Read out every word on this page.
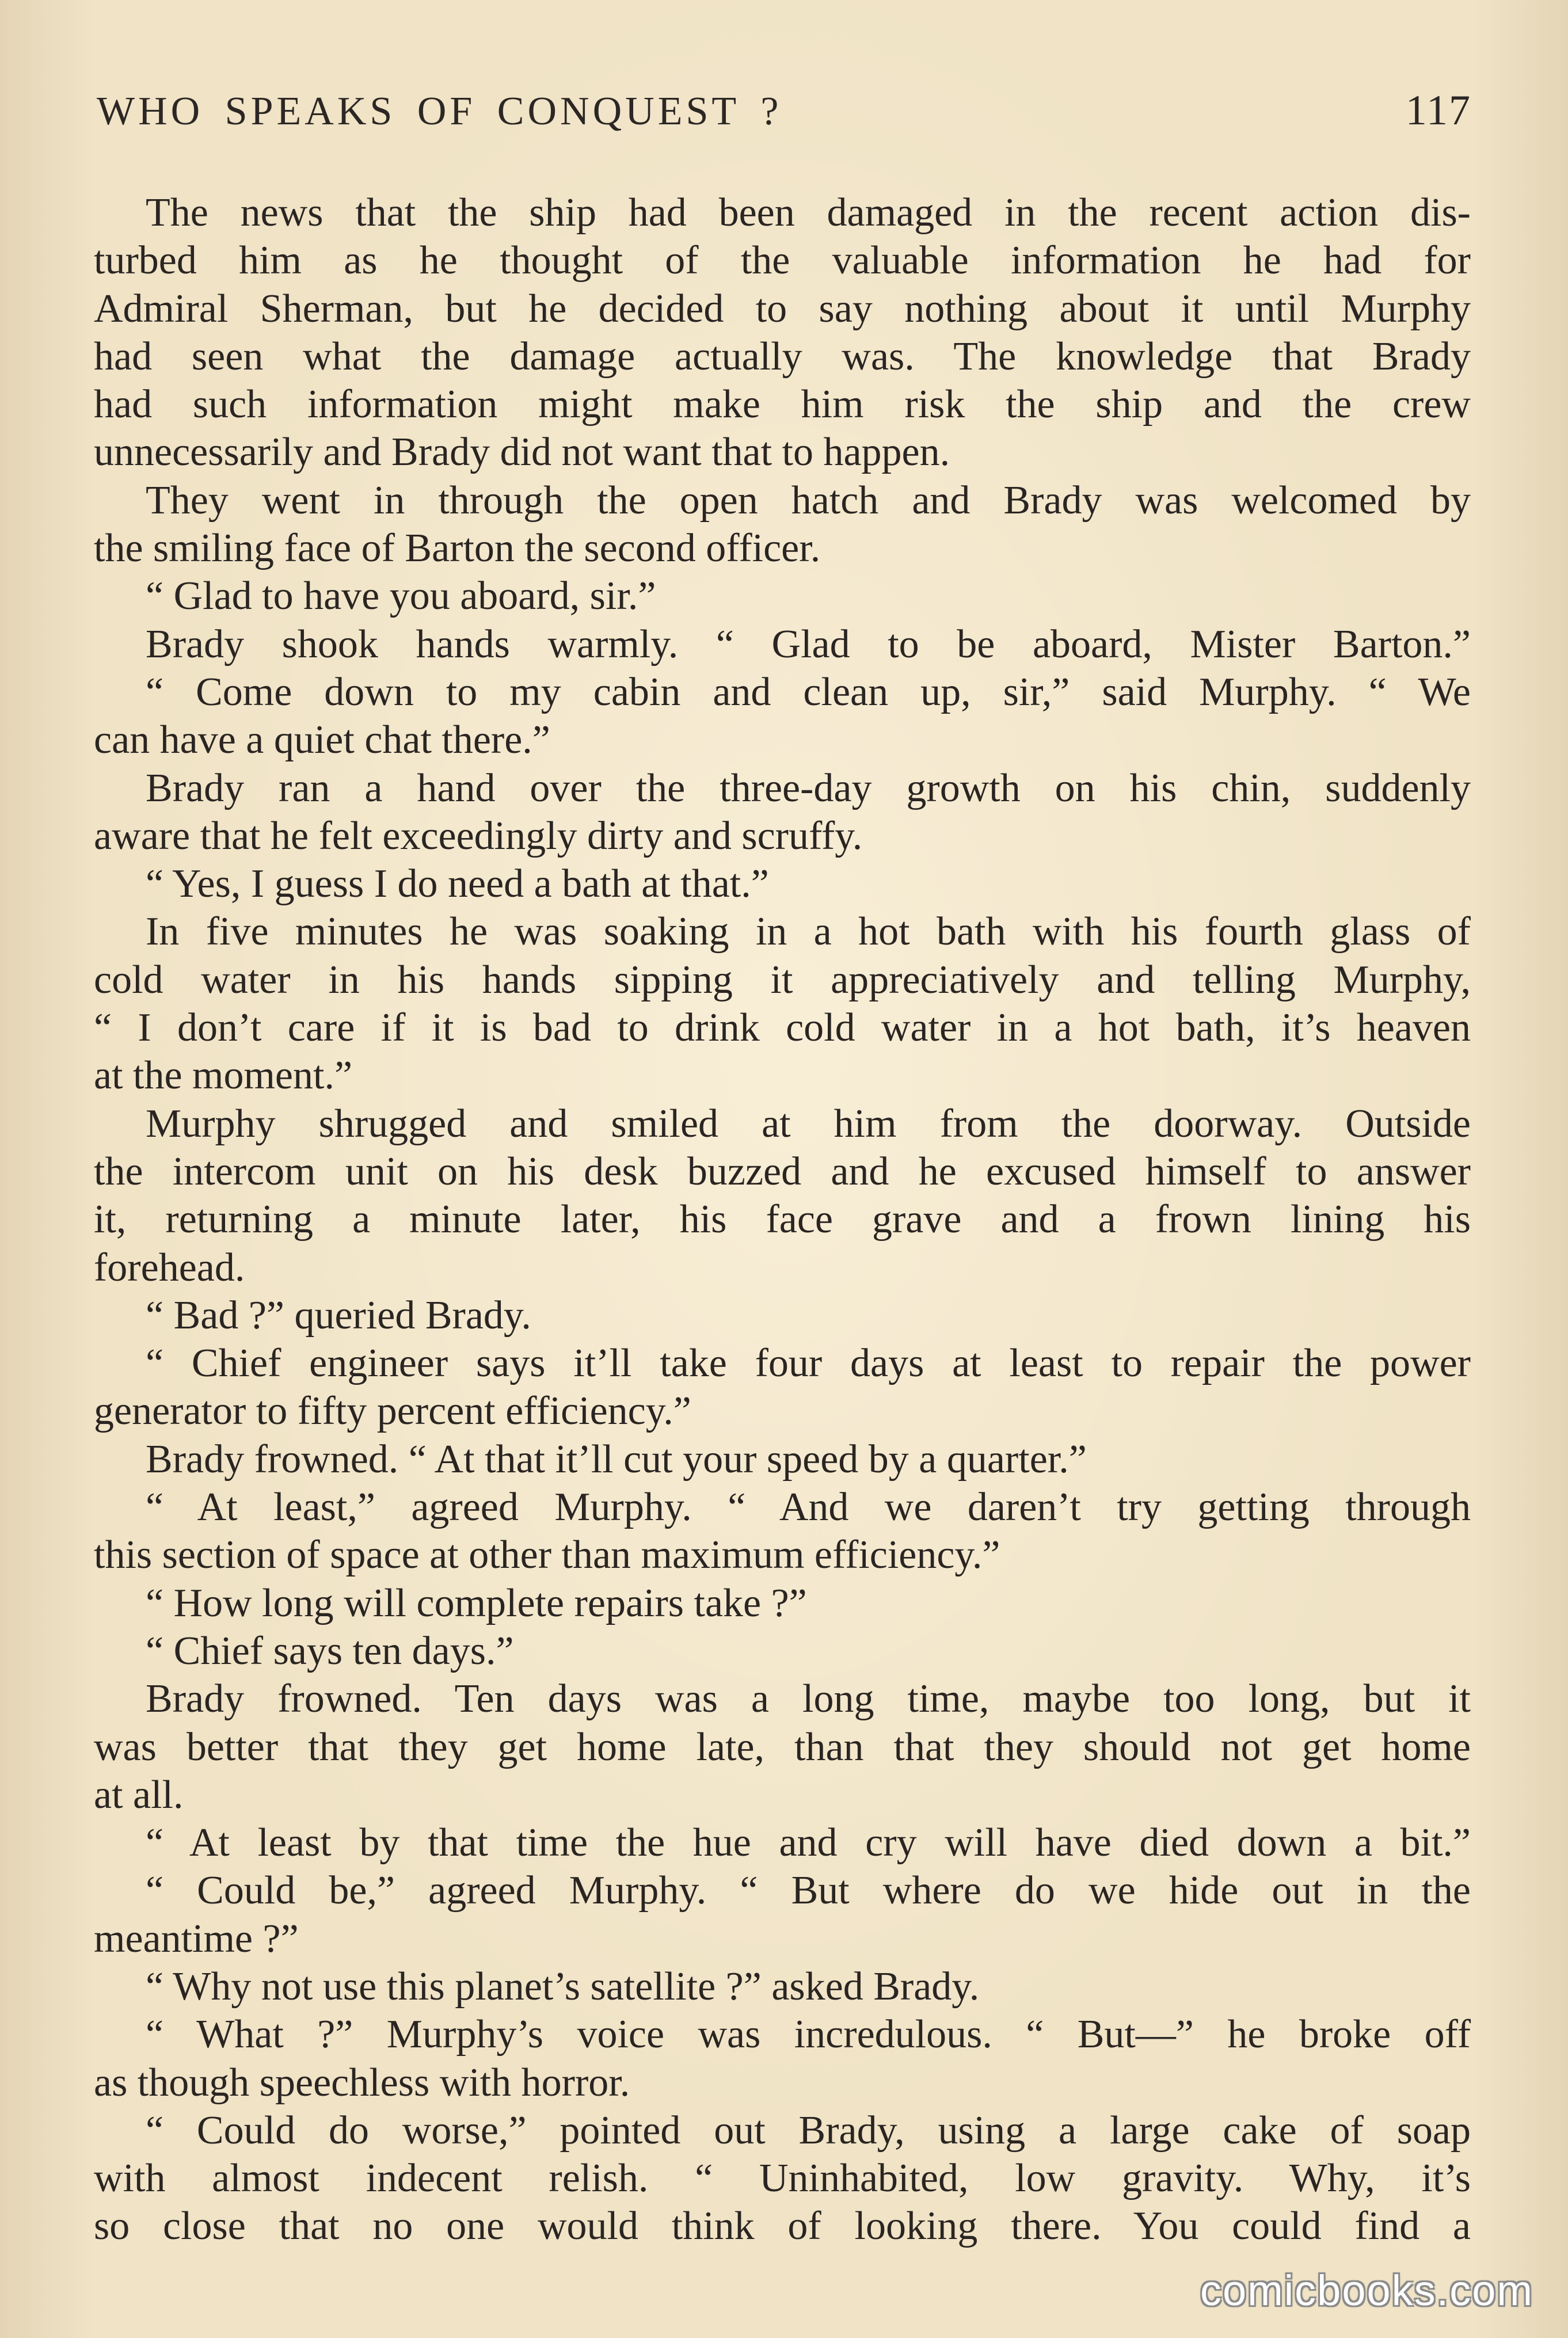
WHO SPEAKS OF CONQUEST ?	117
The news that the ship had been damaged in the recent action dis-
turbed him as he thought of the valuable information he had for
Admiral Sherman, but he decided to say nothing about it until Murphy
had seen what the damage actually was. The knowledge that Brady
had such information might make him risk the ship and the crew
unnecessarily and Brady did not want that to happen.
They went in through the open hatch and Brady was welcomed by
the smiling face of Barton the second officer.
“ Glad to have you aboard, sir.”
Brady shook hands warmly. “ Glad to be aboard, Mister Barton.”
“ Come down to my cabin and clean up, sir,” said Murphy. “ We
can have a quiet chat there.”
Brady ran a hand over the three-day growth on his chin, suddenly
aware that he felt exceedingly dirty and scruffy.
“ Yes, I guess I do need a bath at that.”
In five minutes he was soaking in a hot bath with his fourth glass of
cold water in his hands sipping it appreciatively and telling Murphy,
“ I don’t care if it is bad to drink cold water in a hot bath, it’s heaven
at the moment.”
Murphy shrugged and smiled at him from the doorway. Outside
the intercom unit on his desk buzzed and he excused himself to answer
it, returning a minute later, his face grave and a frown lining his
forehead.
“ Bad ?” queried Brady.
“ Chief engineer says it’ll take four days at least to repair the power
generator to fifty percent efficiency.”
Brady frowned. “ At that it’ll cut your speed by a quarter.”
“ At least,” agreed Murphy. “ And we daren’t try getting through
this section of space at other than maximum efficiency.”
“ How long will complete repairs take ?”
“ Chief says ten days.”
Brady frowned. Ten days was a long time, maybe too long, but it
was better that they get home late, than that they should not get home
at all.
“ At least by that time the hue and cry will have died down a bit.”
“ Could be,” agreed Murphy. “ But where do we hide out in the
meantime ?”
“ Why not use this planet’s satellite ?” asked Brady.
“ What ?” Murphy’s voice was incredulous. “ But—” he broke off
as though speechless with horror.
“ Could do worse,” pointed out Brady, using a large cake of soap
with almost indecent relish. “ Uninhabited, low gravity. Why, it’s
so close that no one would think of looking there. You could find a
comicbooks.com
